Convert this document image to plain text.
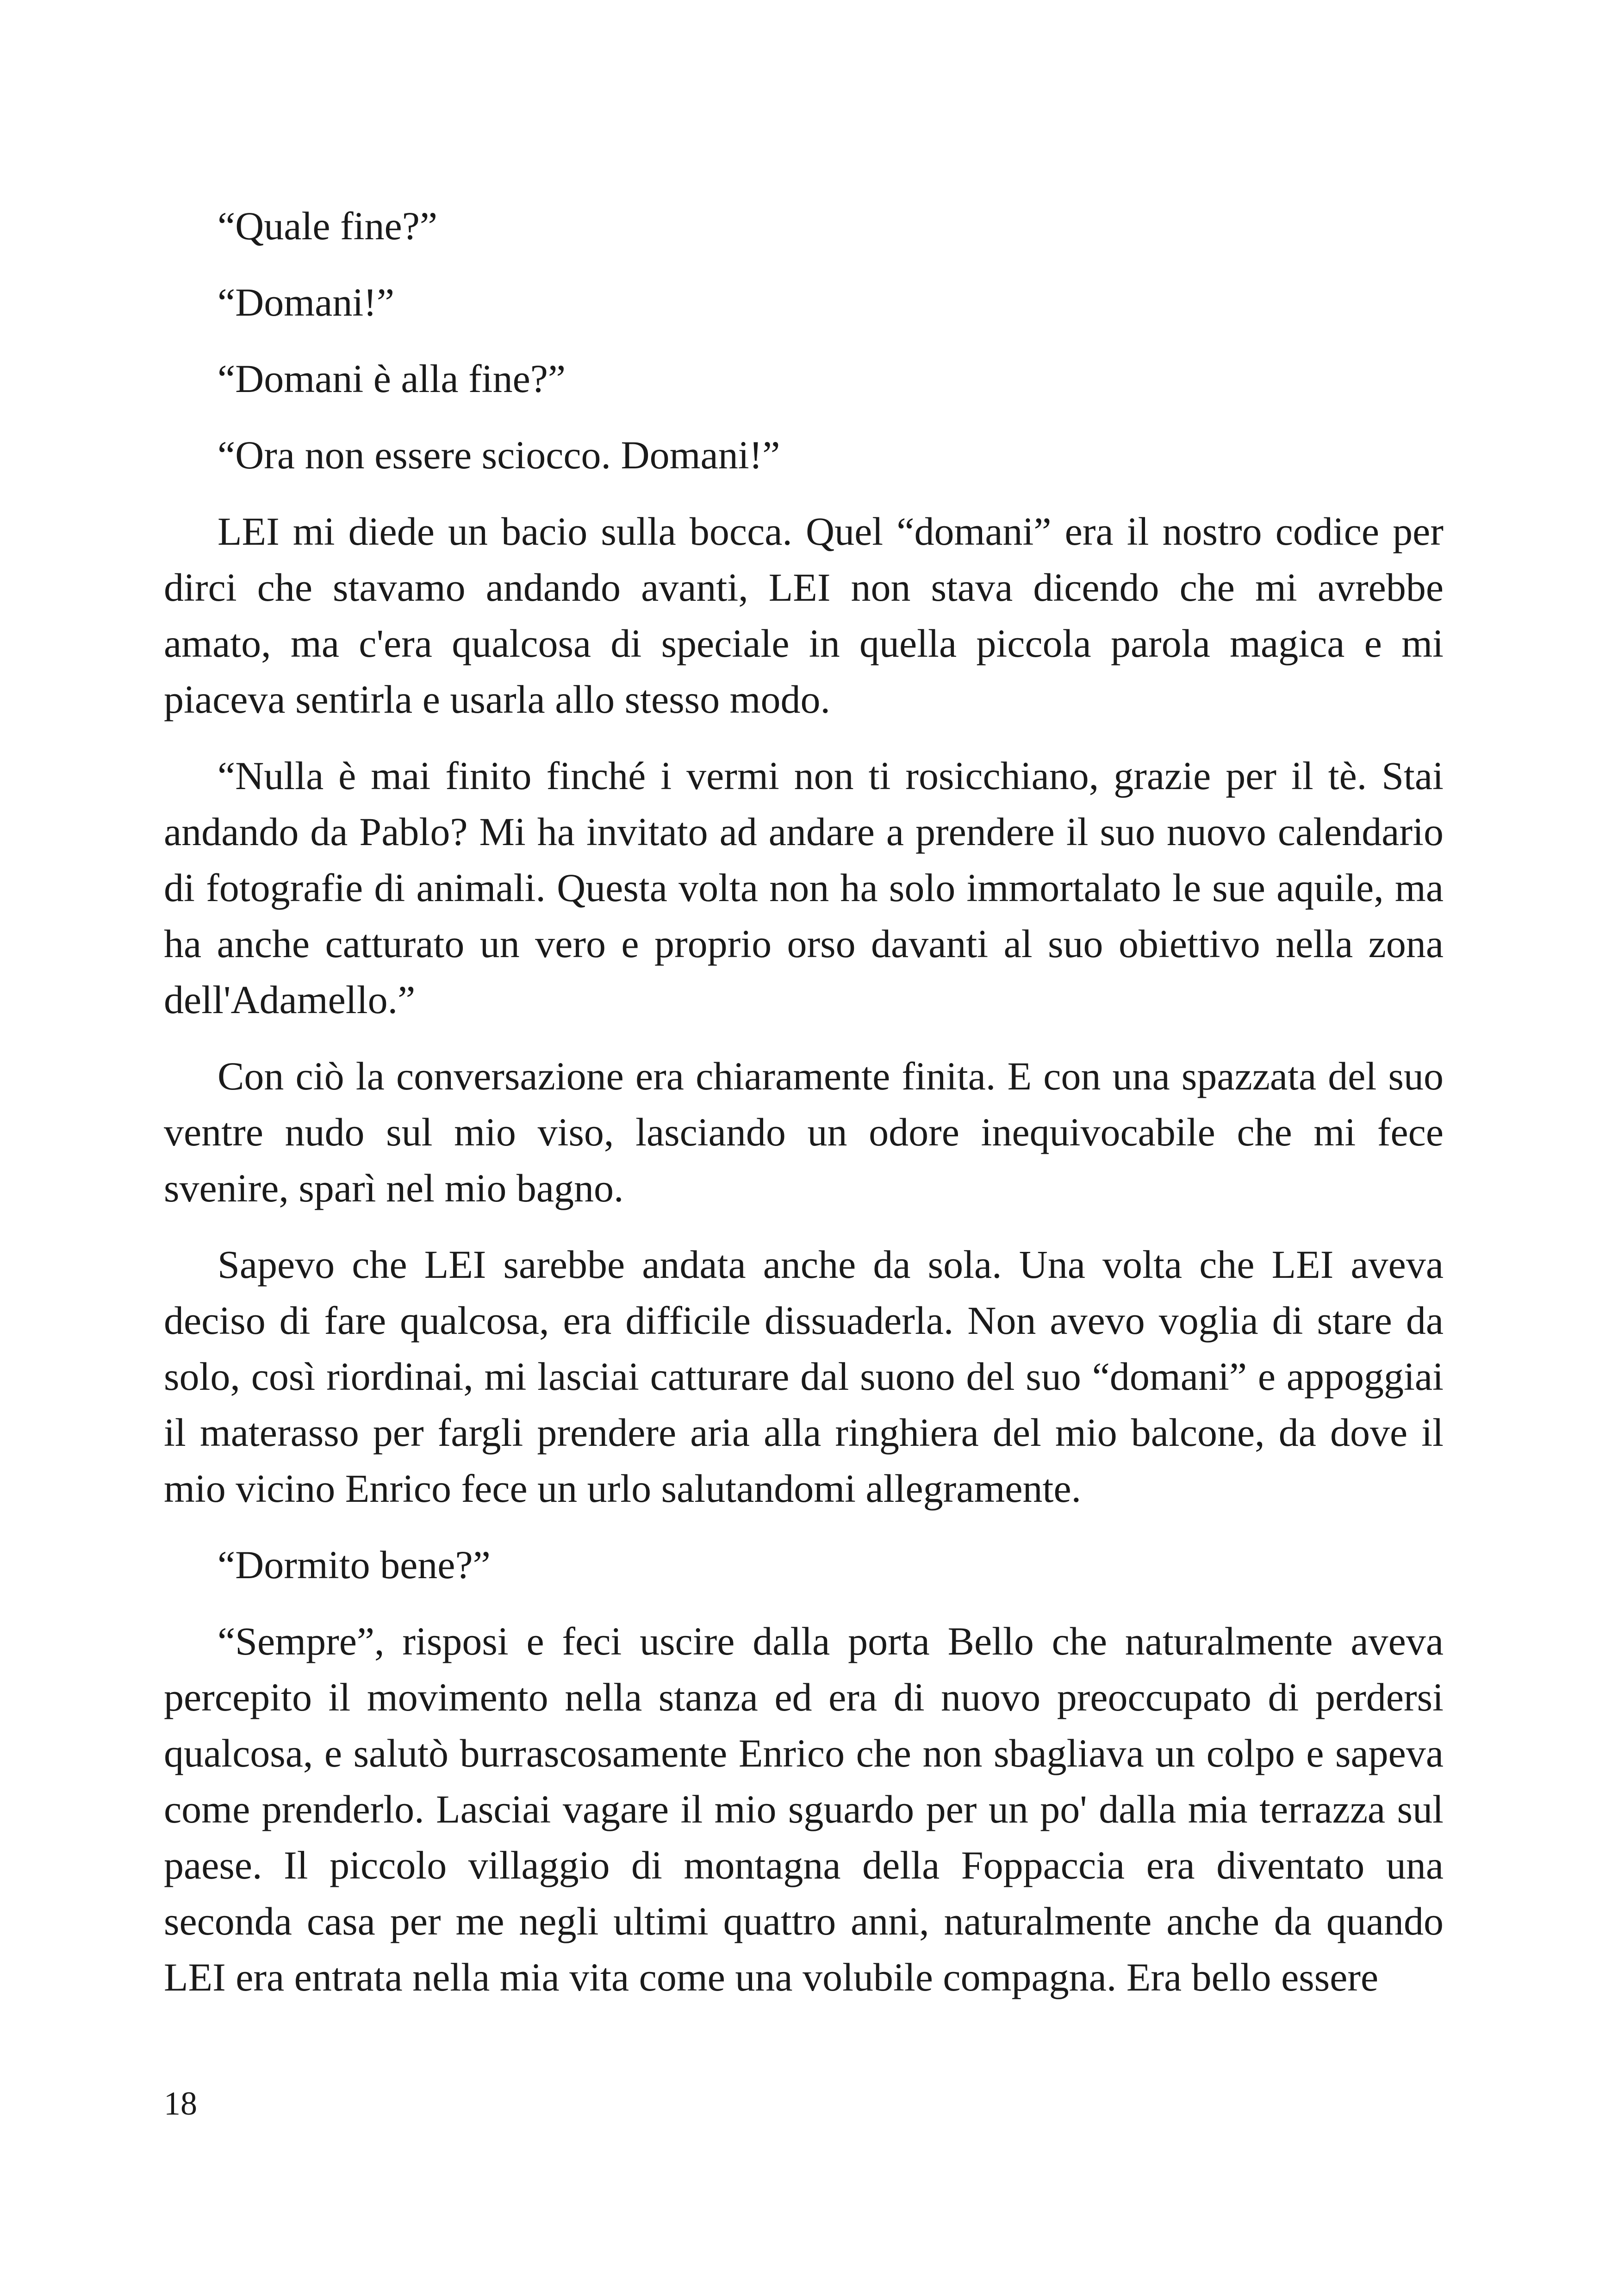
“Quale fine?”

“Domani!”

“Domani è alla fine?”

“Ora non essere sciocco. Domani!”

LEI mi diede un bacio sulla bocca. Quel “domani” era il nostro codice per dirci che stavamo andando avanti, LEI non stava dicendo che mi avrebbe amato, ma c'era qualcosa di speciale in quella piccola parola magica e mi piaceva sentirla e usarla allo stesso modo.

“Nulla è mai finito finché i vermi non ti rosicchiano, grazie per il tè. Stai andando da Pablo? Mi ha invitato ad andare a prendere il suo nuovo calendario di fotografie di animali. Questa volta non ha solo immortalato le sue aquile, ma ha anche catturato un vero e proprio orso davanti al suo obiettivo nella zona dell'Adamello.”

Con ciò la conversazione era chiaramente finita. E con una spazzata del suo ventre nudo sul mio viso, lasciando un odore inequivocabile che mi fece svenire, sparì nel mio bagno.

Sapevo che LEI sarebbe andata anche da sola. Una volta che LEI aveva deciso di fare qualcosa, era difficile dissuaderla. Non avevo voglia di stare da solo, così riordinai, mi lasciai catturare dal suono del suo “domani” e appoggiai il materasso per fargli prendere aria alla ringhiera del mio balcone, da dove il mio vicino Enrico fece un urlo salutandomi allegramente.

“Dormito bene?”

“Sempre”, risposi e feci uscire dalla porta Bello che naturalmente aveva percepito il movimento nella stanza ed era di nuovo preoccupato di perdersi qualcosa, e salutò burrascosamente Enrico che non sbagliava un colpo e sapeva come prenderlo. Lasciai vagare il mio sguardo per un po' dalla mia terrazza sul paese. Il piccolo villaggio di montagna della Foppaccia era diventato una seconda casa per me negli ultimi quattro anni, naturalmente anche da quando LEI era entrata nella mia vita come una volubile compagna. Era bello essere

18
